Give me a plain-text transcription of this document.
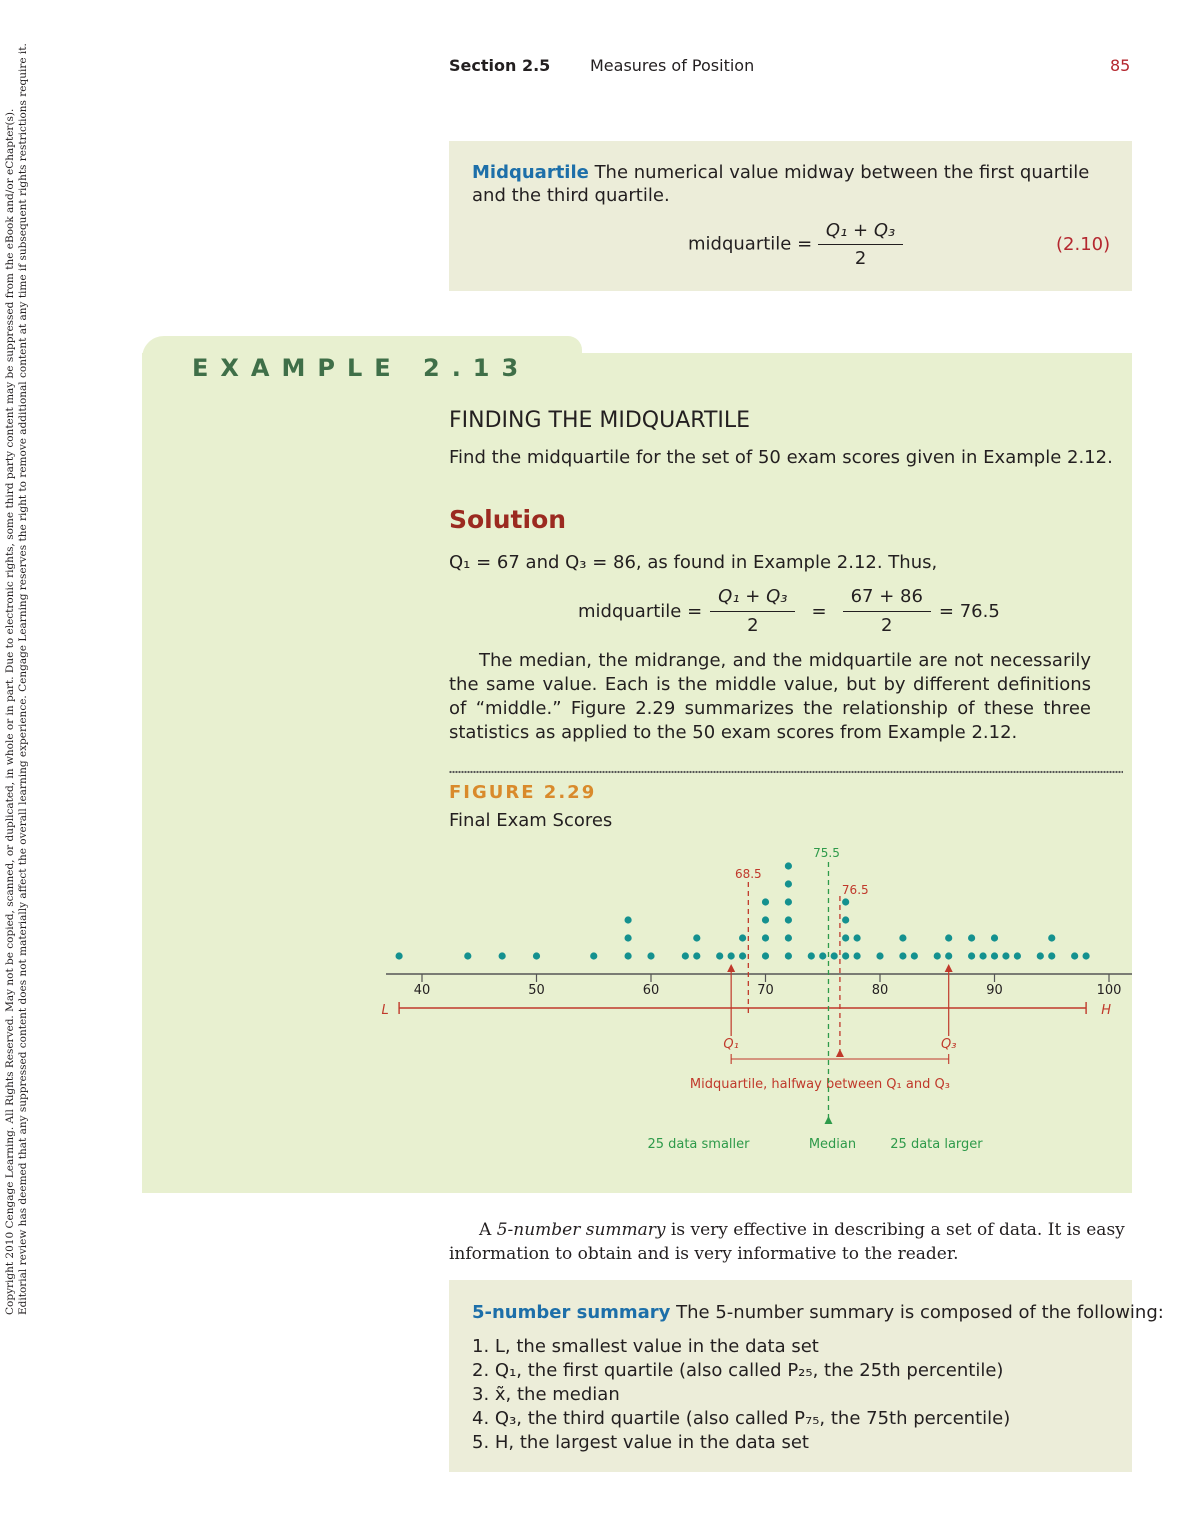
Section 2.5 Measures of Position	85
Copyright 2010 Cengage Learning. All Rights Reserved. May not be copied, scanned, or duplicated, in whole or in part. Due to electronic rights, some third party content may be suppressed from the eBook and/or eChapter(s). Editorial review has deemed that any suppressed content does not materially affect the overall learning experience. Cengage Learning reserves the right to remove additional content at any time if subsequent rights restrictions require it.	Midquartile The numerical value midway between the first quartile and the third quartile.
midquartile = $\frac{\text{Q₁ + Q₃}}{2}$	(2.10)
EXAMPLE 2.13
FINDING THE MIDQUARTILE
Find the midquartile for the set of 50 exam scores given in Example 2.12.
Solution
Q₁ = 67 and Q₃ = 86, as found in Example 2.12. Thus,
midquartile = $\frac{\text{Q₁ + Q₃}}{2} = \frac{67 + 86}{2} = 76.5$
The median, the midrange, and the midquartile are not necessarily the same value. Each is the middle value, but by different definitions of “middle.” Figure 2.29 summarizes the relationship of these three statistics as applied to the 50 exam scores from Example 2.12.
FIGURE 2.29
Final Exam Scores
40	50	60	70	80	90	100
L	H
68.5
Q₁	Q₃
76.5
Midquartile, halfway between Q₁ and Q₃
75.5
25 data smaller	Median	25 data larger
A 5-number summary is very effective in describing a set of data. It is easy information to obtain and is very informative to the reader.
5-number summary The 5-number summary is composed of the following:
1. L, the smallest value in the data set
2. Q₁, the first quartile (also called P₂₅, the 25th percentile)
3. x̃, the median
4. Q₃, the third quartile (also called P₇₅, the 75th percentile)
5. H, the largest value in the data set
